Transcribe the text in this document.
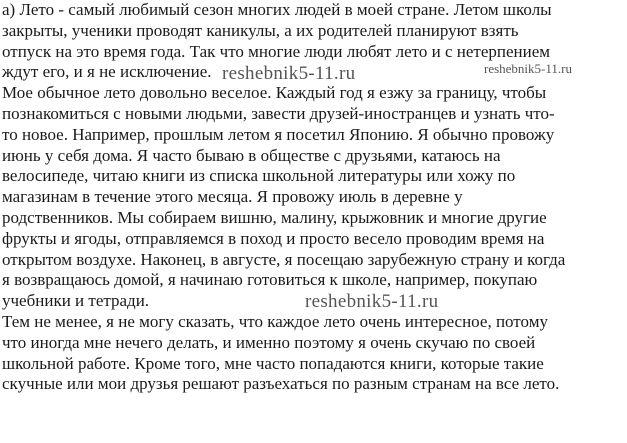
а) Лето - самый любимый сезон многих людей в моей стране. Летом школы
закрыты, ученики проводят каникулы, а их родителей планируют взять
отпуск на это время года. Так что многие люди любят лето и с нетерпением
ждут его, и я не исключение.
Мое обычное лето довольно веселое. Каждый год я езжу за границу, чтобы
познакомиться с новыми людьми, завести друзей-иностранцев и узнать что-
то новое. Например, прошлым летом я посетил Японию. Я обычно провожу
июнь у себя дома. Я часто бываю в обществе с друзьями, катаюсь на
велосипеде, читаю книги из списка школьной литературы или хожу по
магазинам в течение этого месяца. Я провожу июль в деревне у
родственников. Мы собираем вишню, малину, крыжовник и многие другие
фрукты и ягоды, отправляемся в поход и просто весело проводим время на
открытом воздухе. Наконец, в августе, я посещаю зарубежную страну и когда
я возвращаюсь домой, я начинаю готовиться к школе, например, покупаю
учебники и тетради.
Тем не менее, я не могу сказать, что каждое лето очень интересное, потому
что иногда мне нечего делать, и именно поэтому я очень скучаю по своей
школьной работе. Кроме того, мне часто попадаются книги, которые такие
скучные или мои друзья решают разъехаться по разным странам на все лето.
reshebnik5-11.ru	reshebnik5-11.ru
reshebnik5-11.ru
